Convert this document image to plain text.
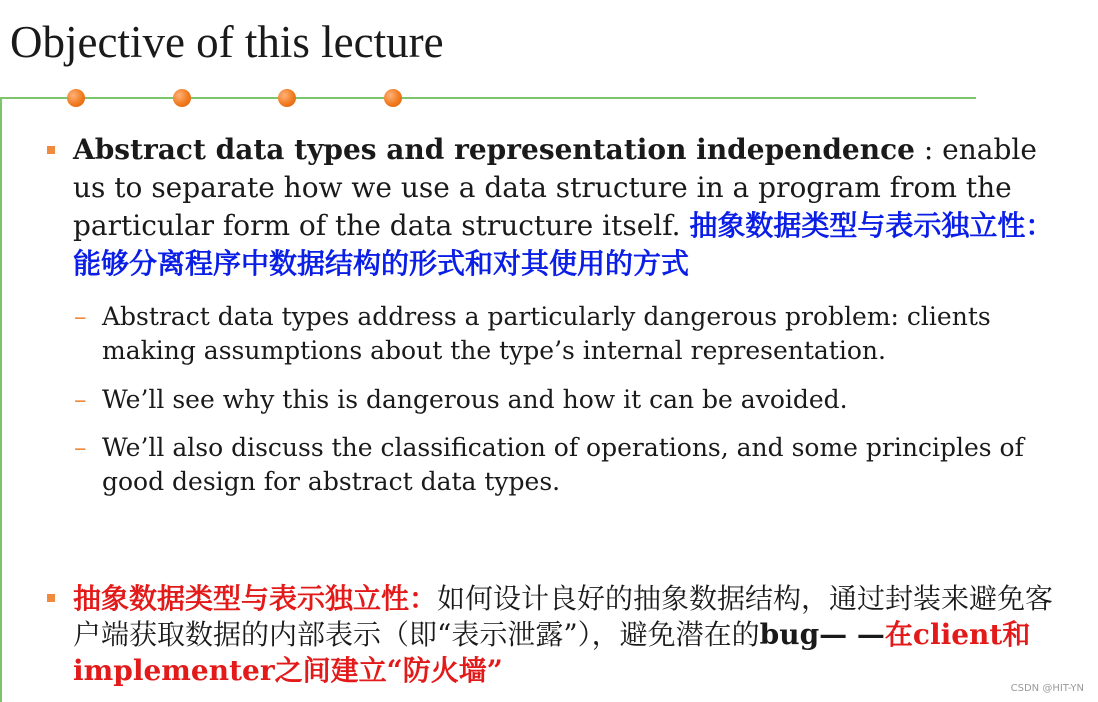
Objective of this lecture
Abstract data types and representation independence : enable us to separate how we use a data structure in a program from the particular form of the data structure itself. 抽象数据类型与表示独立性：能够分离程序中数据结构的形式和对其使用的方式
– Abstract data types address a particularly dangerous problem: clients making assumptions about the type’s internal representation.
– We’ll see why this is dangerous and how it can be avoided.
– We’ll also discuss the classification of operations, and some principles of good design for abstract data types.
抽象数据类型与表示独立性：如何设计良好的抽象数据结构，通过封装来避免客户端获取数据的内部表示（即“表示泄露”），避免潜在的bug— —在client和implementer之间建立“防火墙”
CSDN @HIT-YN
